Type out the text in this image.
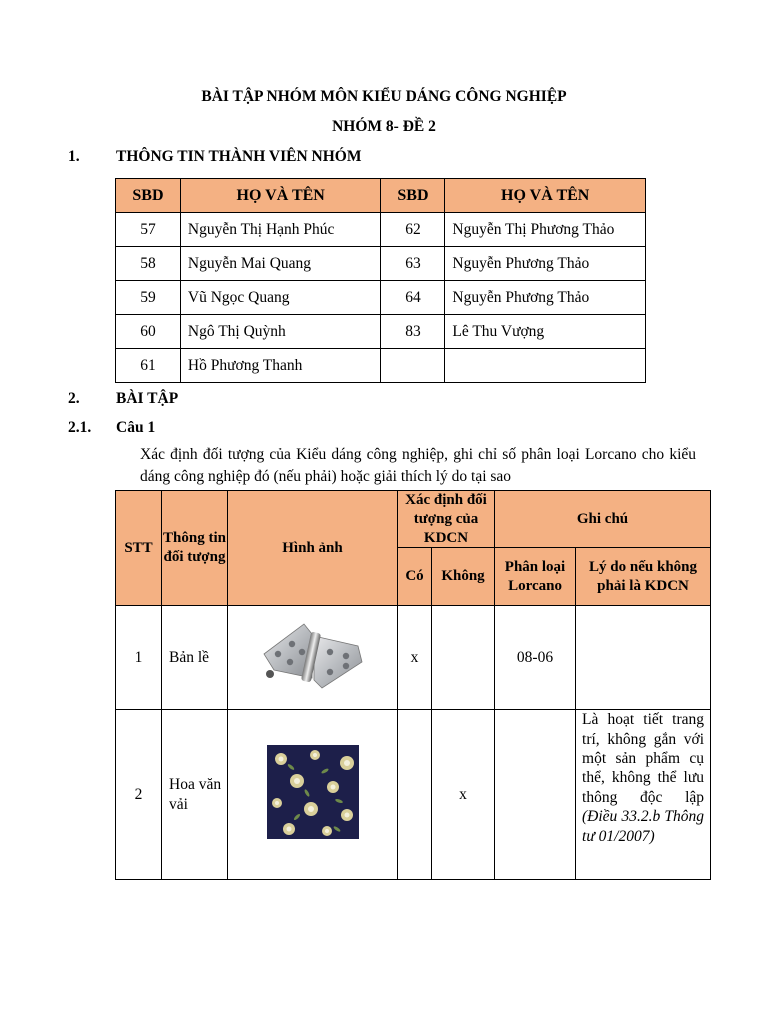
BÀI TẬP NHÓM MÔN KIỂU DÁNG CÔNG NGHIỆP
NHÓM 8- ĐỀ 2
1. THÔNG TIN THÀNH VIÊN NHÓM
SBD	HỌ VÀ TÊN	SBD	HỌ VÀ TÊN
57	Nguyễn Thị Hạnh Phúc	62	Nguyễn Thị Phương Thảo
58	Nguyễn Mai Quang	63	Nguyễn Phương Thảo
59	Vũ Ngọc Quang	64	Nguyễn Phương Thảo
60	Ngô Thị Quỳnh	83	Lê Thu Vượng
61	Hồ Phương Thanh		
2. BÀI TẬP
2.1. Câu 1
Xác định đối tượng của Kiểu dáng công nghiệp, ghi chỉ số phân loại Lorcano cho kiểu dáng công nghiệp đó (nếu phải) hoặc giải thích lý do tại sao
STT	Thông tin đối tượng	Hình ảnh	Xác định đối tượng của KDCN		Ghi chú	
			Có	Không	Phân loại Lorcano	Lý do nếu không phải là KDCN
1	Bản lề		x		08-06	
2	Hoa văn vải			x		Là hoạt tiết trang trí, không gắn với một sản phẩm cụ thể, không thể lưu thông độc lập (Điều 33.2.b Thông tư 01/2007)
